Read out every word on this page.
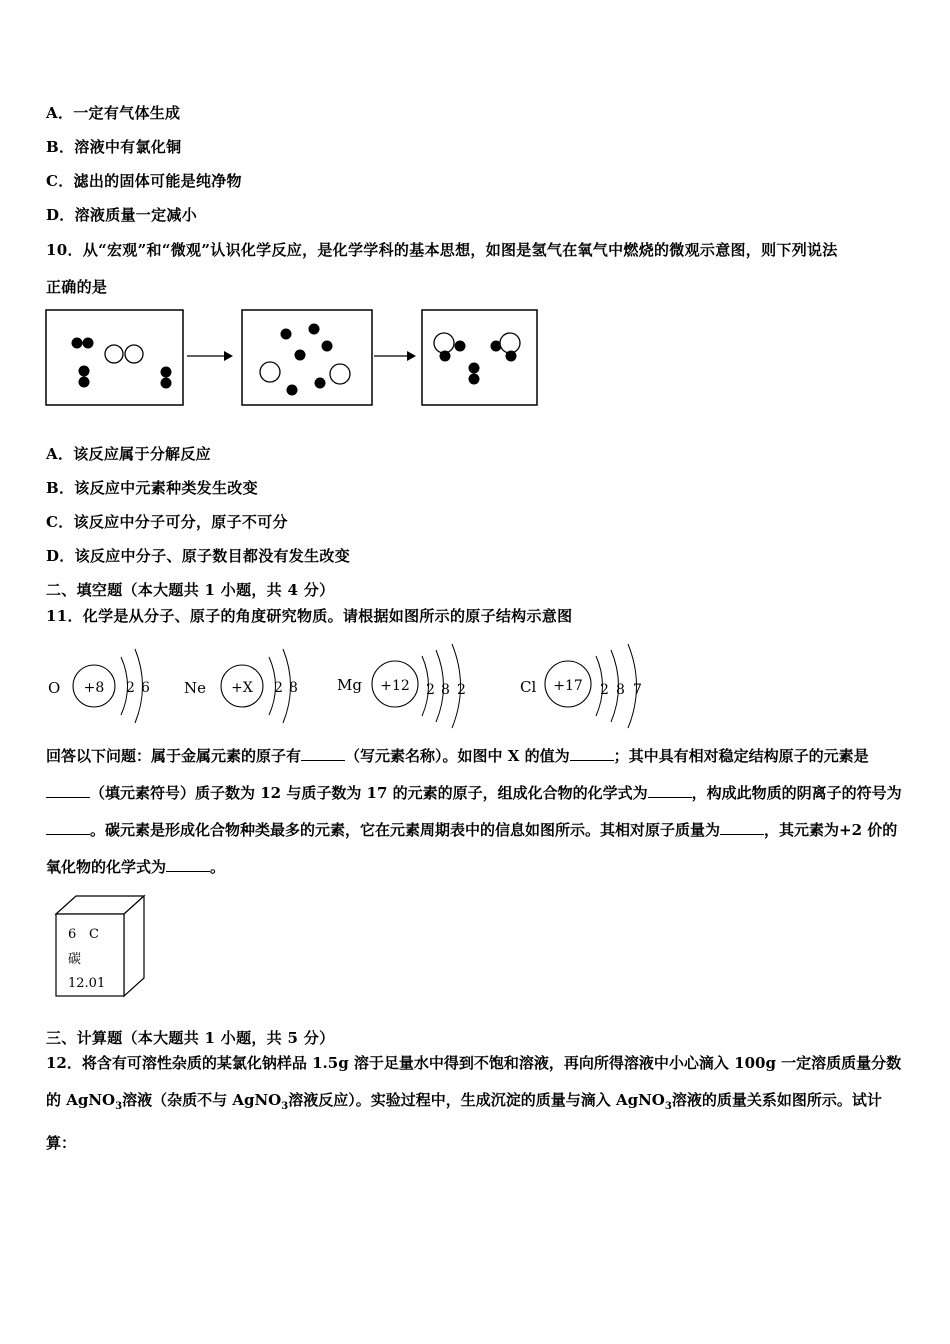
A．一定有气体生成
B．溶液中有氯化铜
C．滤出的固体可能是纯净物
D．溶液质量一定减小
10．从“宏观”和“微观”认识化学反应，是化学学科的基本思想，如图是氢气在氧气中燃烧的微观示意图，则下列说法
正确的是
A．该反应属于分解反应
B．该反应中元素种类发生改变
C．该反应中分子可分，原子不可分
D．该反应中分子、原子数目都没有发生改变
二、填空题（本大题共 1 小题，共 4 分）
11．化学是从分子、原子的角度研究物质。请根据如图所示的原子结构示意图
O +8 2 6 Ne +X 2 8	Mg +12 2 8 2	Cl +17 2 8 7
回答以下问题：属于金属元素的原子有	（写元素名称）。如图中 X 的值为	；其中具有相对稳定结构原子的元素是（填元素符号）质子数为 12 与质子数为 17 的元素的原子，组成化合物的化学式为	，构成此物质的阴离子的符号为。碳元素是形成化合物种类最多的元素，它在元素周期表中的信息如图所示。其相对原子质量为	，其元素为+2 价的氧化物的化学式为	。
6 C
碳
12.01
三、计算题（本大题共 1 小题，共 5 分）
12．将含有可溶性杂质的某氯化钠样品 1.5g 溶于足量水中得到不饱和溶液，再向所得溶液中小心滴入 100g 一定溶质质量分数的 AgNO$_3$溶液（杂质不与 AgNO$_3$溶液反应）。实验过程中，生成沉淀的质量与滴入 AgNO$_3$溶液的质量关系如图所示。试计算：
